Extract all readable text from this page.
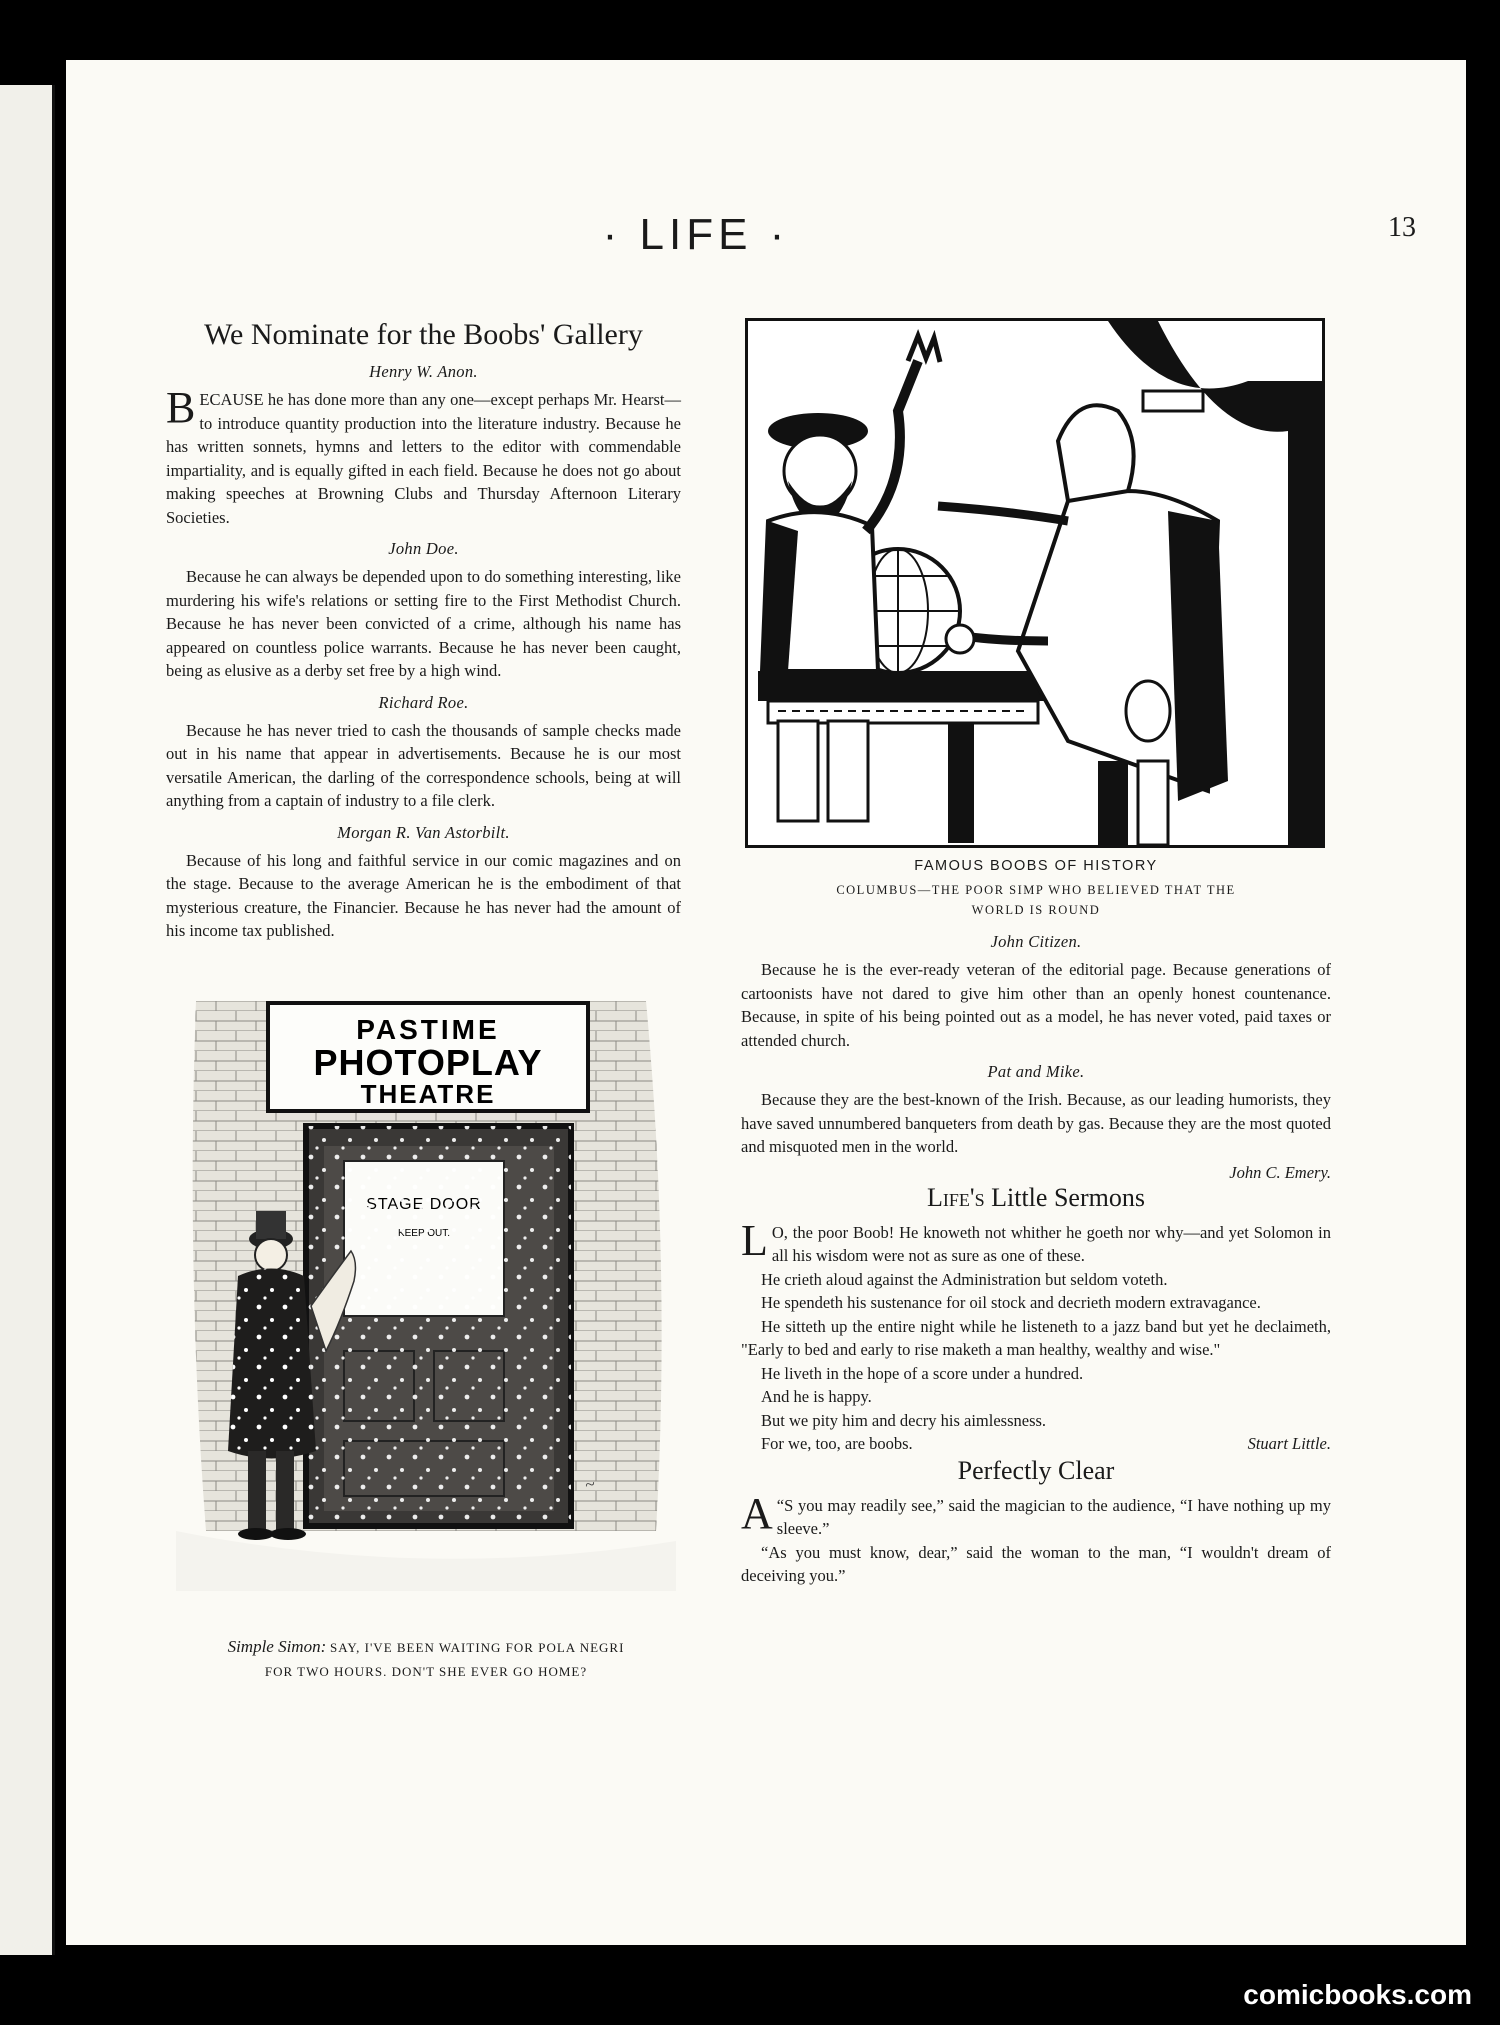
· LIFE ·	13
We Nominate for the Boobs' Gallery
Henry W. Anon.

BECAUSE he has done more than any one—except perhaps Mr. Hearst—to introduce quantity production into the literature industry. Because he has written sonnets, hymns and letters to the editor with commendable impartiality, and is equally gifted in each field. Because he does not go about making speeches at Browning Clubs and Thursday Afternoon Literary Societies.

John Doe.

Because he can always be depended upon to do something interesting, like murdering his wife's relations or setting fire to the First Methodist Church. Because he has never been convicted of a crime, although his name has appeared on countless police warrants. Because he has never been caught, being as elusive as a derby set free by a high wind.

Richard Roe.

Because he has never tried to cash the thousands of sample checks made out in his name that appear in advertisements. Because he is our most versatile American, the darling of the correspondence schools, being at will anything from a captain of industry to a file clerk.

Morgan R. Van Astorbilt.

Because of his long and faithful service in our comic magazines and on the stage. Because to the average American he is the embodiment of that mysterious creature, the Financier. Because he has never had the amount of his income tax published.

PASTIME
PHOTOPLAY
THEATRE
~
Simple Simon: SAY, I'VE BEEN WAITING FOR POLA NEGRI
FOR TWO HOURS. DON'T SHE EVER GO HOME?
FAMOUS BOOBS OF HISTORY
COLUMBUS—THE POOR SIMP WHO BELIEVED THAT THE
WORLD IS ROUND
John Citizen.

Because he is the ever-ready veteran of the editorial page. Because generations of cartoonists have not dared to give him other than an openly honest countenance. Because, in spite of his being pointed out as a model, he has never voted, paid taxes or attended church.

Pat and Mike.

Because they are the best-known of the Irish. Because, as our leading humorists, they have saved unnumbered banqueters from death by gas. Because they are the most quoted and misquoted men in the world.

John C. Emery.
Life's Little Sermons

L O, the poor Boob! He knoweth not whither he goeth nor why—and yet Solomon in all his wisdom were not as sure as one of these.

He crieth aloud against the Administration but seldom voteth.

He spendeth his sustenance for oil stock and decrieth modern extravagance.

He sitteth up the entire night while he listeneth to a jazz band but yet he declaimeth, "Early to bed and early to rise maketh a man healthy, wealthy and wise."

He liveth in the hope of a score under a hundred.

And he is happy.

But we pity him and decry his aimlessness.

For we, too, are boobs.	Stuart Little.

Perfectly Clear

“
A S you may readily see,” said the magician to the audience, “I have nothing up my sleeve.”

“As you must know, dear,” said the woman to the man, “I wouldn't dream of deceiving you.”

comicbooks.com
